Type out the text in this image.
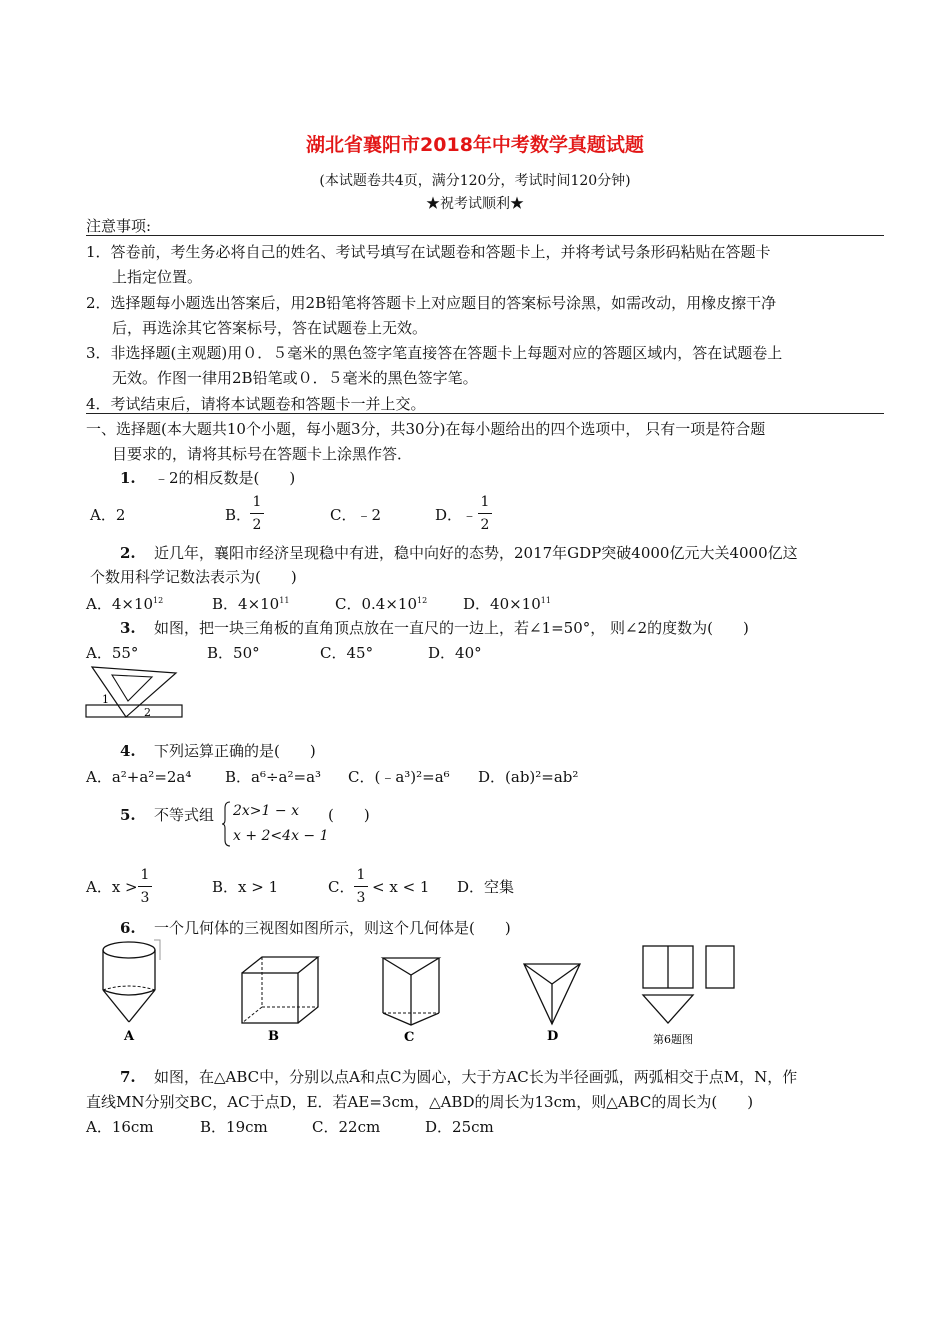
湖北省襄阳市2018年中考数学真题试题
(本试题卷共4页，满分120分，考试时间120分钟)
★祝考试顺利★
注意事项:
1．答卷前，考生务必将自己的姓名、考试号填写在试题卷和答题卡上，并将考试号条形码粘贴在答题卡
上指定位置。
2．选择题每小题选出答案后，用2B铅笔将答题卡上对应题目的答案标号涂黑，如需改动，用橡皮擦干净
后，再选涂其它答案标号，答在试题卷上无效。
3．非选择题(主观题)用０．５毫米的黑色签字笔直接答在答题卡上每题对应的答题区域内，答在试题卷上
无效。作图一律用2B铅笔或０．５毫米的黑色签字笔。
4．考试结束后，请将本试题卷和答题卡一并上交。
一、选择题(本大题共10个小题，每小题3分，共30分)在每小题给出的四个选项中， 只有一项是符合题
目要求的，请将其标号在答题卡上涂黑作答．
1. ﹣2的相反数是(　　)
A．2	B．
1
2
C．﹣2	D．﹣
1
2
2. 近几年，襄阳市经济呈现稳中有进，稳中向好的态势，2017年GDP突破4000亿元大关4000亿这
个数用科学记数法表示为(　　)
A．$4\times 10^{12}$	B．$4\times 10^{11}$	C．$0.4\times 10^{12}$ D．$40\times 10^{11}$
3. 如图，把一块三角板的直角顶点放在一直尺的一边上，若∠1=50°， 则∠2的度数为(　　)
A．55°	B．50°	C．45°	D．40°
1
2
4. 下列运算正确的是(　　)
A．a²+a²=2a⁴ B．a⁶÷a²=a³ C．(﹣a³)²=a⁶ D．(ab)²=ab²
5. 不等式组 2x>1 − x
x + 2<4x − 1
(　　)
A．x >
1
3
B．x > 1	C．
1
3
< x < 1 D．空集
6. 一个几何体的三视图如图所示，则这个几何体是(　　)
A	B	C	D	第6题图
7. 如图，在△ABC中，分别以点A和点C为圆心，大于方AC长为半径画弧，两弧相交于点M，N，作
直线MN分别交BC，AC于点D，E．若AE=3cm，△ABD的周长为13cm，则△ABC的周长为(　　)
A．16cm	B．19cm	C．22cm	D．25cm
